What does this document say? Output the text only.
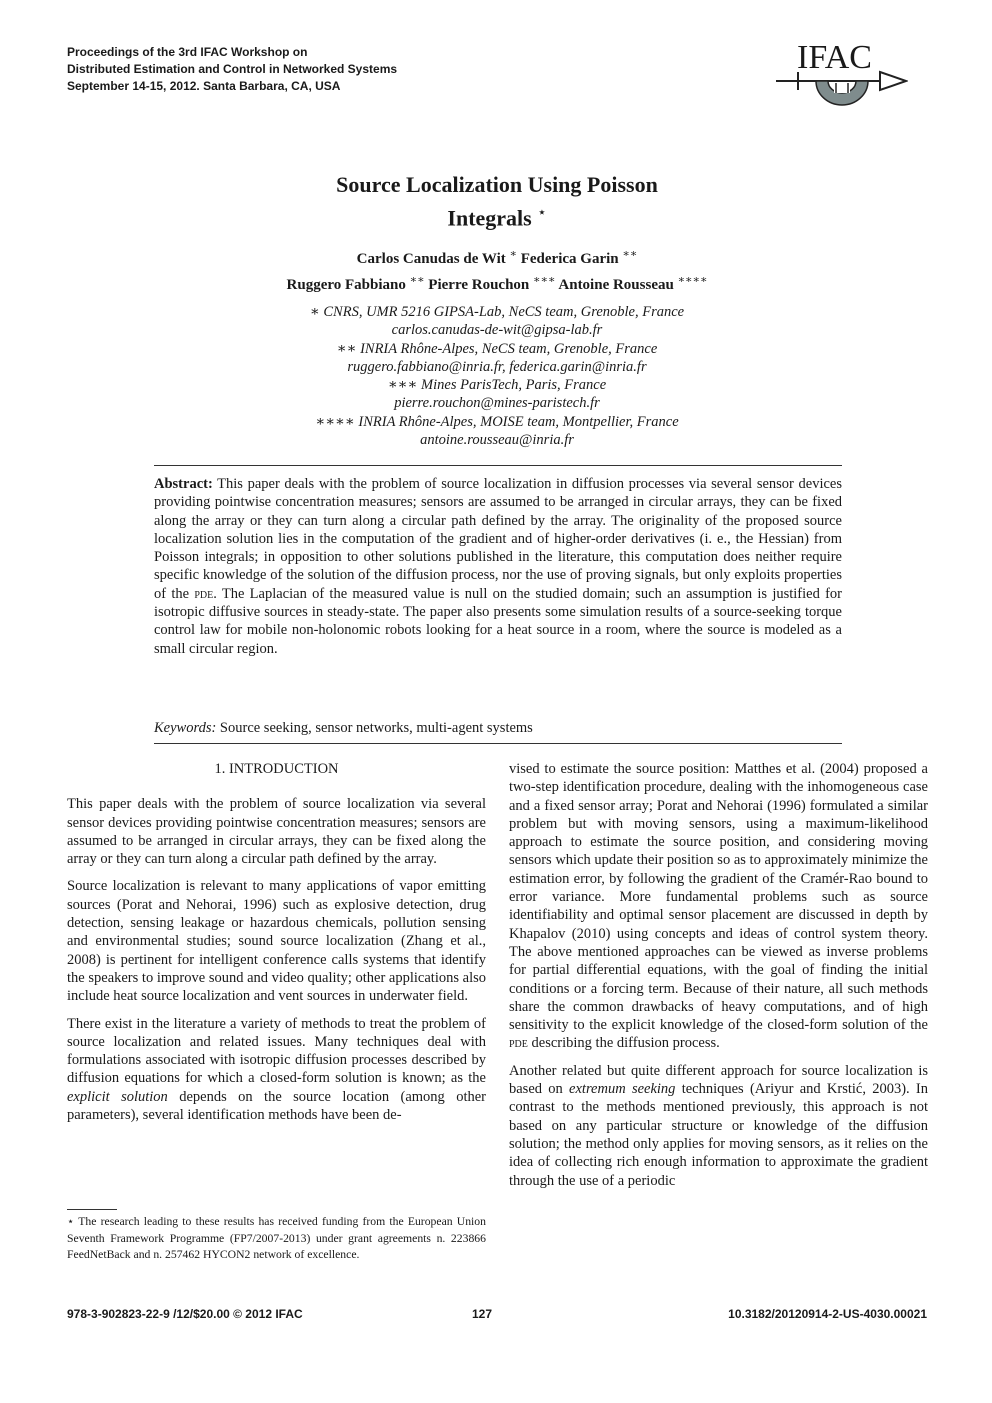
Proceedings of the 3rd IFAC Workshop on
Distributed Estimation and Control in Networked Systems
September 14-15, 2012. Santa Barbara, CA, USA
IFAC
Source Localization Using Poisson
Integrals ⋆
Carlos Canudas de Wit ∗ Federica Garin ∗∗
Ruggero Fabbiano ∗∗ Pierre Rouchon ∗∗∗ Antoine Rousseau ∗∗∗∗
∗ CNRS, UMR 5216 GIPSA-Lab, NeCS team, Grenoble, France
carlos.canudas-de-wit@gipsa-lab.fr
∗∗ INRIA Rhône-Alpes, NeCS team, Grenoble, France
ruggero.fabbiano@inria.fr, federica.garin@inria.fr
∗∗∗ Mines ParisTech, Paris, France
pierre.rouchon@mines-paristech.fr
∗∗∗∗ INRIA Rhône-Alpes, MOISE team, Montpellier, France
antoine.rousseau@inria.fr
Abstract: This paper deals with the problem of source localization in diffusion processes via several sensor devices providing pointwise concentration measures; sensors are assumed to be arranged in circular arrays, they can be fixed along the array or they can turn along a circular path defined by the array. The originality of the proposed source localization solution lies in the computation of the gradient and of higher-order derivatives (i. e., the Hessian) from Poisson integrals; in opposition to other solutions published in the literature, this computation does neither require specific knowledge of the solution of the diffusion process, nor the use of proving signals, but only exploits properties of the pde. The Laplacian of the measured value is null on the studied domain; such an assumption is justified for isotropic diffusive sources in steady-state. The paper also presents some simulation results of a source-seeking torque control law for mobile non-holonomic robots looking for a heat source in a room, where the source is modeled as a small circular region.
Keywords: Source seeking, sensor networks, multi-agent systems
1. INTRODUCTION

This paper deals with the problem of source localization via several sensor devices providing pointwise concentration measures; sensors are assumed to be arranged in circular arrays, they can be fixed along the array or they can turn along a circular path defined by the array.

Source localization is relevant to many applications of vapor emitting sources (Porat and Nehorai, 1996) such as explosive detection, drug detection, sensing leakage or hazardous chemicals, pollution sensing and environmental studies; sound source localization (Zhang et al., 2008) is pertinent for intelligent conference calls systems that identify the speakers to improve sound and video quality; other applications also include heat source localization and vent sources in underwater field.

There exist in the literature a variety of methods to treat the problem of source localization and related issues. Many techniques deal with formulations associated with isotropic diffusion processes described by diffusion equations for which a closed-form solution is known; as the explicit solution depends on the source location (among other parameters), several identification methods have been de-

vised to estimate the source position: Matthes et al. (2004) proposed a two-step identification procedure, dealing with the inhomogeneous case and a fixed sensor array; Porat and Nehorai (1996) formulated a similar problem but with moving sensors, using a maximum-likelihood approach to estimate the source position, and considering moving sensors which update their position so as to approximately minimize the estimation error, by following the gradient of the Cramér-Rao bound to error variance. More fundamental problems such as source identifiability and optimal sensor placement are discussed in depth by Khapalov (2010) using concepts and ideas of control system theory. The above mentioned approaches can be viewed as inverse problems for partial differential equations, with the goal of finding the initial conditions or a forcing term. Because of their nature, all such methods share the common drawbacks of heavy computations, and of high sensitivity to the explicit knowledge of the closed-form solution of the pde describing the diffusion process.

Another related but quite different approach for source localization is based on extremum seeking techniques (Ariyur and Krstić, 2003). In contrast to the methods mentioned previously, this approach is not based on any particular structure or knowledge of the diffusion solution; the method only applies for moving sensors, as it relies on the idea of collecting rich enough information to approximate the gradient through the use of a periodic

⋆ The research leading to these results has received funding from the European Union Seventh Framework Programme (FP7/2007-2013) under grant agreements n. 223866 FeedNetBack and n. 257462 HYCON2 network of excellence.
978-3-902823-22-9 /12/$20.00 © 2012 IFAC	127	10.3182/20120914-2-US-4030.00021
